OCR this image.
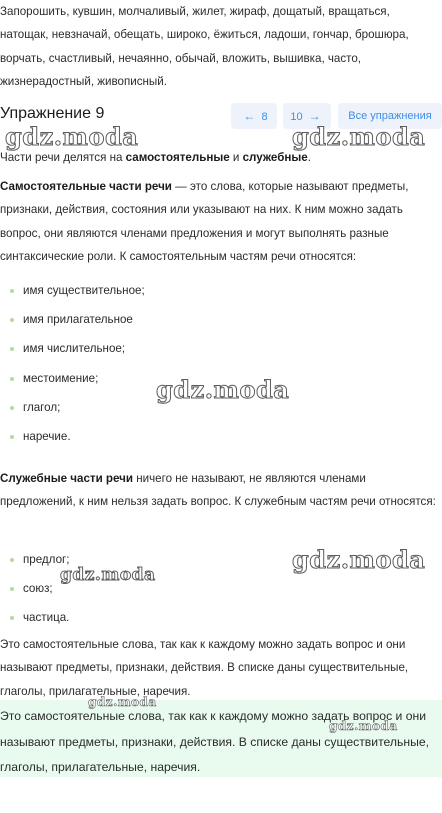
Запорошить, кувшин, молчаливый, жилет, жираф, дощатый, вращаться, натощак, невзначай, обещать, широко, ёжиться, ладоши, гончар, брошюра, ворчать, счастливый, нечаянно, обычай, вложить, вышивка, часто, жизнерадостный, живописный.

Упражнение 9	← 8	10 →	Все упражнения

Части речи делятся на самостоятельные и служебные.

Самостоятельные части речи — это слова, которые называют предметы, признаки, действия, состояния или указывают на них. К ним можно задать вопрос, они являются членами предложения и могут выполнять разные синтаксические роли. К самостоятельным частям речи относятся:

имя существительное;
имя прилагательное
имя числительное;
местоимение;
глагол;
наречие.

Служебные части речи ничего не называют, не являются членами предложений, к ним нельзя задать вопрос. К служебным частям речи относятся:

предлог;
союз;
частица.

Это самостоятельные слова, так как к каждому можно задать вопрос и они называют предметы, признаки, действия. В списке даны существительные, глаголы, прилагательные, наречия.

Это самостоятельные слова, так как к каждому можно задать вопрос и они называют предметы, признаки, действия. В списке даны существительные, глаголы, прилагательные, наречия.

gdz.moda	gdz.moda
gdz.moda
gdz.moda
gdz.moda
gdz.moda
gdz.moda
